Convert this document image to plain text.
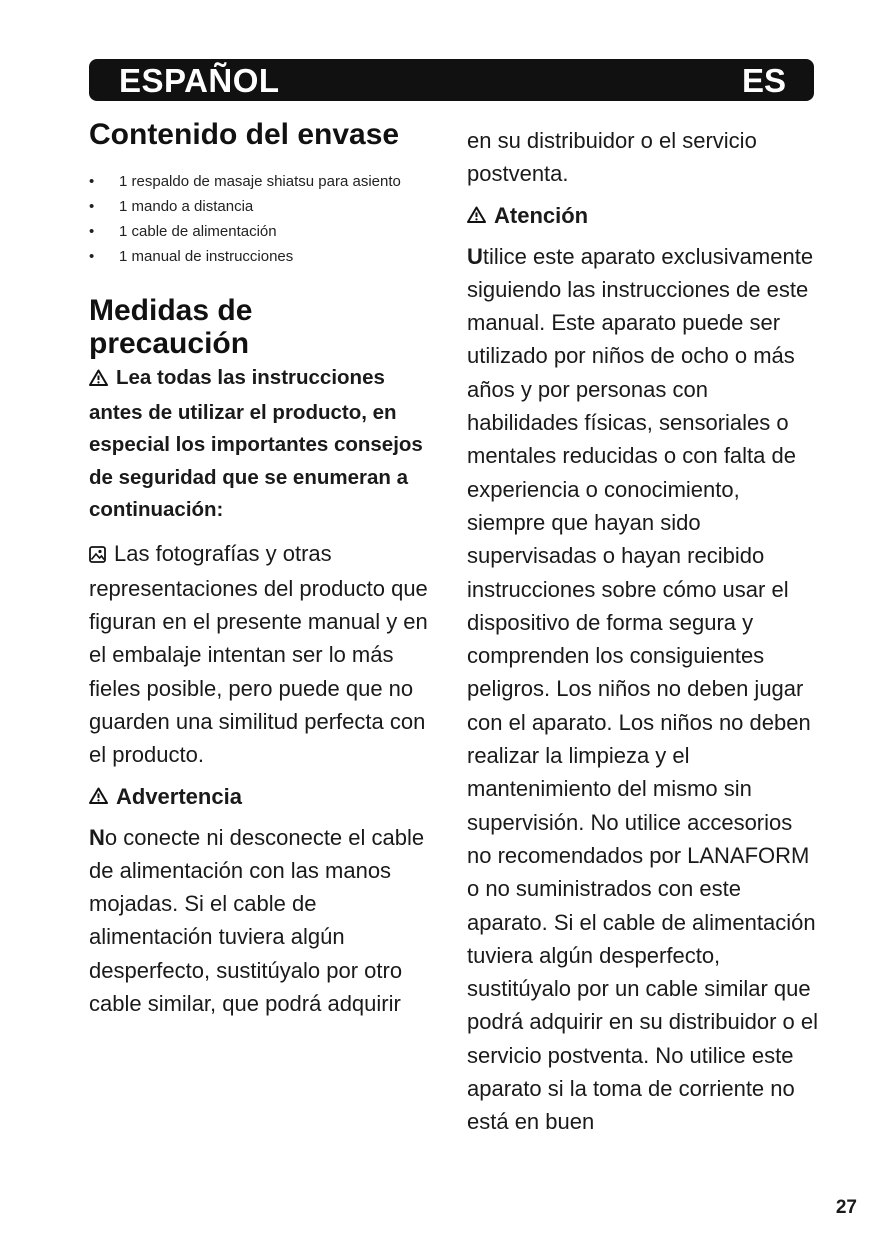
ESPAÑOL	ES
Contenido del envase
• 1 respaldo de masaje shiatsu para asiento
• 1 mando a distancia
• 1 cable de alimentación
• 1 manual de instrucciones
Medidas de
precaución

Lea todas las instrucciones antes de utilizar el producto, en especial los importantes consejos de seguridad que se enumeran a continuación:

Las fotografías y otras representaciones del producto que figuran en el presente manual y en el embalaje intentan ser lo más fieles posible, pero puede que no guarden una similitud perfecta con el producto.

Advertencia

No conecte ni desconecte el cable de alimentación con las manos mojadas. Si el cable de alimentación tuviera algún desperfecto, sustitúyalo por otro cable similar, que podrá adquirir

en su distribuidor o el servicio postventa.

Atención

Utilice este aparato exclusivamente siguiendo las instrucciones de este manual. Este aparato puede ser utilizado por niños de ocho o más años y por personas con habilidades físicas, sensoriales o mentales reducidas o con falta de experiencia o conocimiento, siempre que hayan sido supervisadas o hayan recibido instrucciones sobre cómo usar el dispositivo de forma segura y comprenden los consiguientes peligros. Los niños no deben jugar con el aparato. Los niños no deben realizar la limpieza y el mantenimiento del mismo sin supervisión. No utilice accesorios no recomendados por LANAFORM o no suministrados con este aparato. Si el cable de alimentación tuviera algún desperfecto, sustitúyalo por un cable similar que podrá adquirir en su distribuidor o el servicio postventa. No utilice este aparato si la toma de corriente no está en buen

27
